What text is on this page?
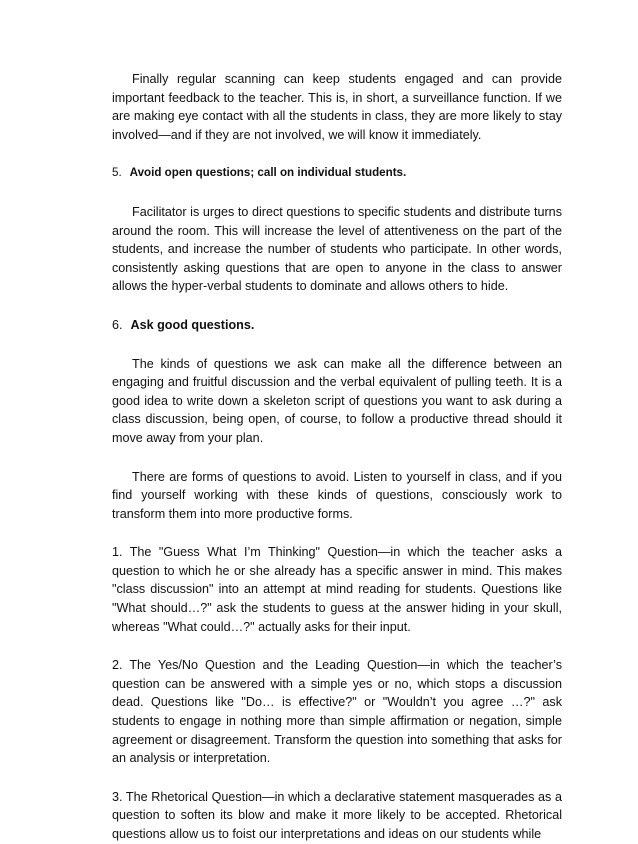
Finally regular scanning can keep students engaged and can provide important feedback to the teacher. This is, in short, a surveillance function. If we are making eye contact with all the students in class, they are more likely to stay involved—and if they are not involved, we will know it immediately.

5. Avoid open questions; call on individual students.

Facilitator is urges to direct questions to specific students and distribute turns around the room. This will increase the level of attentiveness on the part of the students, and increase the number of students who participate. In other words, consistently asking questions that are open to anyone in the class to answer allows the hyper-verbal students to dominate and allows others to hide.

6. Ask good questions.

The kinds of questions we ask can make all the difference between an engaging and fruitful discussion and the verbal equivalent of pulling teeth. It is a good idea to write down a skeleton script of questions you want to ask during a class discussion, being open, of course, to follow a productive thread should it move away from your plan.

There are forms of questions to avoid. Listen to yourself in class, and if you find yourself working with these kinds of questions, consciously work to transform them into more productive forms.

1. The "Guess What I’m Thinking" Question—in which the teacher asks a question to which he or she already has a specific answer in mind. This makes "class discussion" into an attempt at mind reading for students. Questions like "What should…?" ask the students to guess at the answer hiding in your skull, whereas "What could…?" actually asks for their input.

2. The Yes/No Question and the Leading Question—in which the teacher’s question can be answered with a simple yes or no, which stops a discussion dead. Questions like "Do… is effective?" or "Wouldn’t you agree …?" ask students to engage in nothing more than simple affirmation or negation, simple agreement or disagreement. Transform the question into something that asks for an analysis or interpretation.

3. The Rhetorical Question—in which a declarative statement masquerades as a question to soften its blow and make it more likely to be accepted. Rhetorical questions allow us to foist our interpretations and ideas on our students while
